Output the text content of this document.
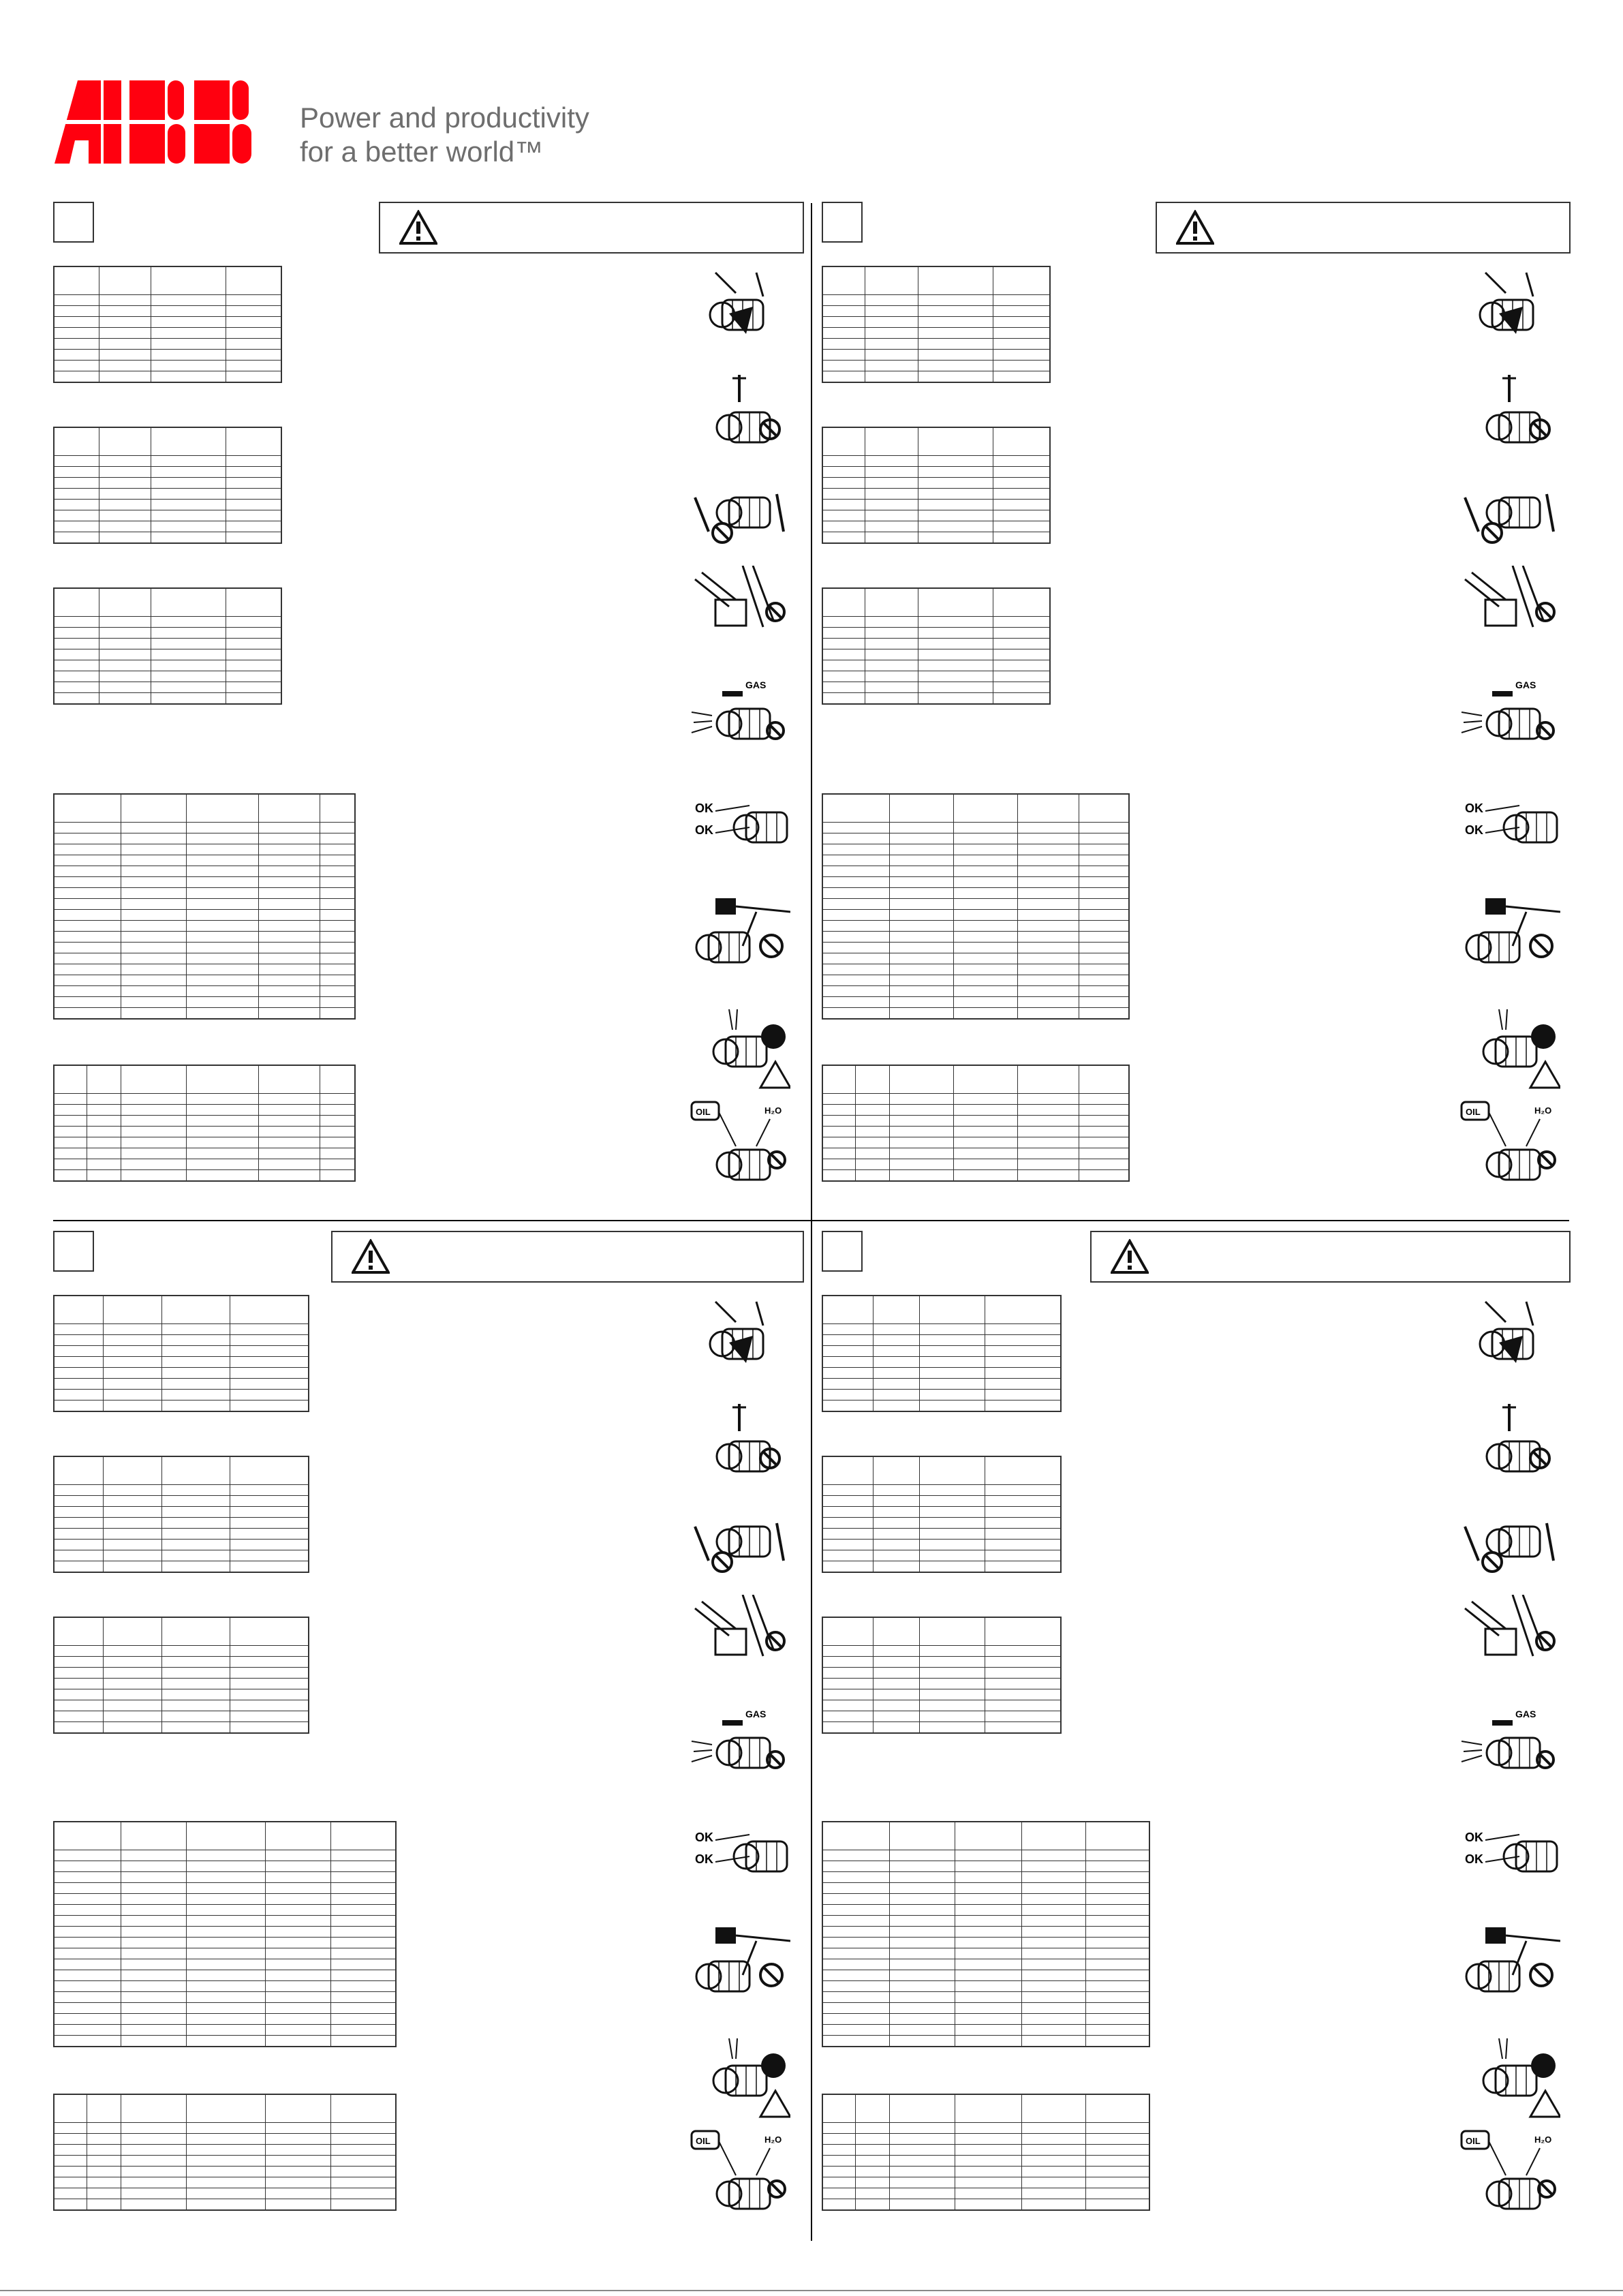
Power and productivity
for a better world™

GAS
OK
OK
OIL	H₂O
GAS
OK
OK
OIL	H₂O
GAS
OK
OK
OIL	H₂O
GAS
OK
OK
OIL	H₂O
